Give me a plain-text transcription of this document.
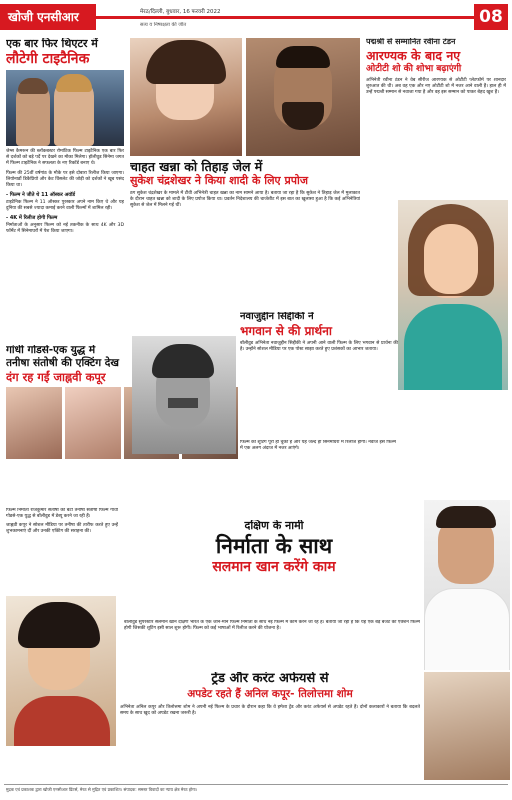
खोजी एनसीआर	मेरठ/दिल्ली, बुधवार, 16 फरवरी 2022
सत्य व निष्पक्षता की जीत	08
एक बार फिर थिएटर में
लौटेगी टाइटैनिक

जेम्स कैमरून की ब्लॉकबस्टर रोमांटिक फिल्म टाइटैनिक एक बार फिर से दर्शकों को बड़े पर्दे पर देखने का मौका मिलेगा। हॉलीवुड सिनेमा जगत में फिल्म टाइटैनिक ने सफलता के नए रिकॉर्ड बनाए थे।

फिल्म की 25वीं वर्षगांठ के मौके पर इसे दोबारा रिलीज किया जाएगा। लियोनार्डो डिकैप्रियो और केट विंसलेट की जोड़ी को दर्शकों ने खूब पसंद किया था।

- फिल्म ने जीते थे 11 ऑस्कर अवॉर्ड
टाइटैनिक फिल्म ने 11 ऑस्कर पुरस्कार अपने नाम किए थे और यह दुनिया की सबसे ज्यादा कमाई करने वाली फिल्मों में शामिल रही।
- 4K में रिलीज होगी फिल्म
निर्माताओं के अनुसार फिल्म को नई तकनीक के साथ 4K और 3D फॉर्मेट में सिनेमाघरों में पेश किया जाएगा।
गांधी गोडसे-एक युद्ध में
तनीषा संतोषी की एक्टिंग देख
दंग रह गईं जाह्नवी कपूर

फिल्म निर्माता राजकुमार संतोषी की बेटी तनीषा संतोषी फिल्म गांधी गोडसे-एक युद्ध से बॉलीवुड में डेब्यू करने जा रही हैं।

जाह्नवी कपूर ने सोशल मीडिया पर तनीषा की तारीफ करते हुए उन्हें शुभकामनाएं दीं और उनकी एक्टिंग की सराहना की।

चाहत खन्ना को तिहाड़ जेल में
सुकेश चंद्रशेखर ने किया शादी के लिए प्रपोज
ठग सुकेश चंद्रशेखर के मामले में टीवी अभिनेत्री चाहत खन्ना का नाम सामने आया है। बताया जा रहा है कि सुकेश ने तिहाड़ जेल में मुलाकात के दौरान चाहत खन्ना को शादी के लिए प्रपोज किया था। प्रवर्तन निदेशालय की चार्जशीट में इस बात का खुलासा हुआ है कि कई अभिनेत्रियां सुकेश से जेल में मिलने गई थीं।
पद्मश्री से सम्मानित रवीना टंडन
आरण्यक के बाद नए
ओटीटी शो की शोभा बढ़ाएंगी
अभिनेत्री रवीना टंडन ने वेब सीरीज आरण्यक से ओटीटी प्लेटफॉर्म पर शानदार शुरुआत की थी। अब वह एक और नए ओटीटी शो में नजर आने वाली हैं। हाल ही में उन्हें पद्मश्री सम्मान से नवाजा गया है और वह इस सम्मान को पाकर बेहद खुश हैं।
नवाजुद्दीन सिद्दीकी ने
भगवान से की प्रार्थना
बॉलीवुड अभिनेता नवाजुद्दीन सिद्दीकी ने अपनी आने वाली फिल्म के लिए भगवान से प्रार्थना की है। उन्होंने सोशल मीडिया पर एक पोस्ट साझा करते हुए प्रशंसकों का आभार जताया।
फिल्म की शूटिंग पूरी हो चुकी है और यह जल्द ही सिनेमाघरों में रिलीज होगी। नवाज इस फिल्म में एक अलग अंदाज में नजर आएंगे।
दक्षिण के नामी
निर्माता के साथ
सलमान खान करेंगे काम
बॉलीवुड सुपरस्टार सलमान खान दक्षिण भारत के एक जाने-माने फिल्म निर्माता के साथ नई फिल्म में काम करने जा रहे हैं। बताया जा रहा है कि यह एक बड़े बजट की एक्शन फिल्म होगी जिसकी शूटिंग इसी साल शुरू होगी। फिल्म को कई भाषाओं में रिलीज करने की योजना है।
ट्रेंड और करंट अफेयर्स से
अपडेट रहते हैं अनिल कपूर- तिलोत्तमा शोम
अभिनेता अनिल कपूर और तिलोत्तमा शोम ने अपनी नई फिल्म के प्रचार के दौरान कहा कि वे हमेशा ट्रेंड और करंट अफेयर्स से अपडेट रहते हैं। दोनों कलाकारों ने बताया कि बदलते समय के साथ खुद को अपडेट रखना जरूरी है।
मुद्रक एवं प्रकाशक द्वारा खोजी एनसीआर प्रिंटर्स, मेरठ से मुद्रित एवं प्रकाशित। संपादक: समस्त विवादों का न्याय क्षेत्र मेरठ होगा।
